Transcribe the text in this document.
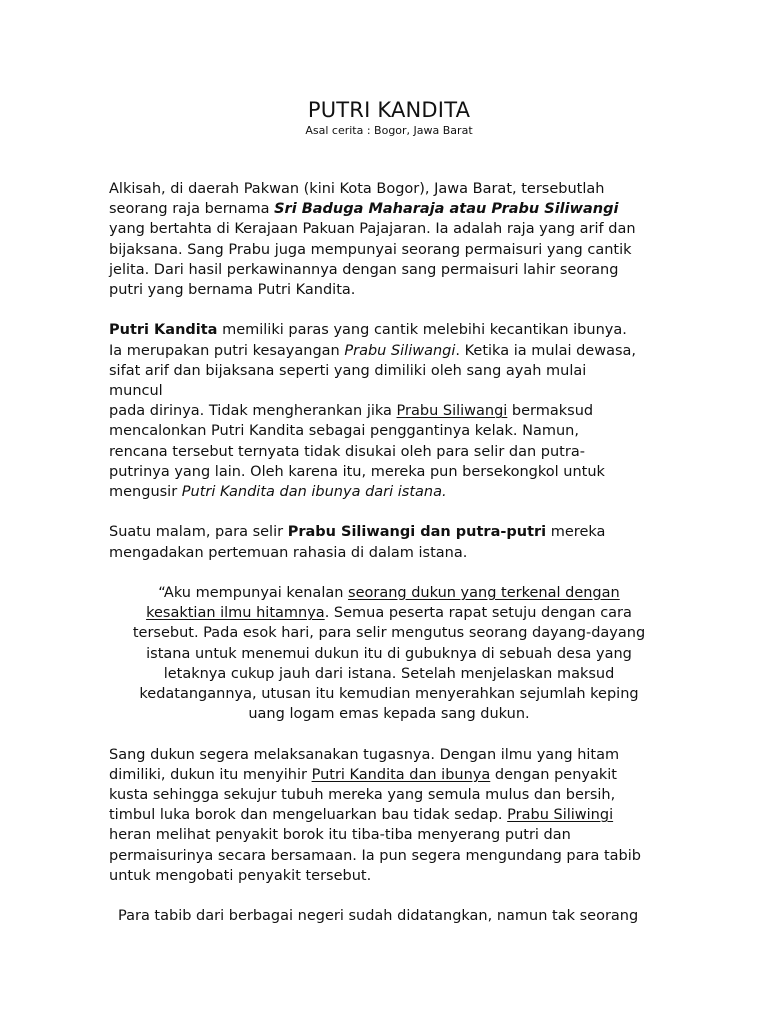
PUTRI KANDITA
Asal cerita : Bogor, Jawa Barat
Alkisah, di daerah Pakwan (kini Kota Bogor), Jawa Barat, tersebutlah
seorang raja bernama Sri Baduga Maharaja atau Prabu Siliwangi
yang bertahta di Kerajaan Pakuan Pajajaran. Ia adalah raja yang arif dan
bijaksana. Sang Prabu juga mempunyai seorang permaisuri yang cantik
jelita. Dari hasil perkawinannya dengan sang permaisuri lahir seorang
putri yang bernama Putri Kandita.
Putri Kandita memiliki paras yang cantik melebihi kecantikan ibunya.
Ia merupakan putri kesayangan Prabu Siliwangi. Ketika ia mulai dewasa,
sifat arif dan bijaksana seperti yang dimiliki oleh sang ayah mulai
muncul
pada dirinya. Tidak mengherankan jika Prabu Siliwangi bermaksud
mencalonkan Putri Kandita sebagai penggantinya kelak. Namun,
rencana tersebut ternyata tidak disukai oleh para selir dan putra-
putrinya yang lain. Oleh karena itu, mereka pun bersekongkol untuk
mengusir Putri Kandita dan ibunya dari istana.
Suatu malam, para selir Prabu Siliwangi dan putra-putri mereka
mengadakan pertemuan rahasia di dalam istana.
“Aku mempunyai kenalan seorang dukun yang terkenal dengan
kesaktian ilmu hitamnya. Semua peserta rapat setuju dengan cara
tersebut. Pada esok hari, para selir mengutus seorang dayang-dayang
istana untuk menemui dukun itu di gubuknya di sebuah desa yang
letaknya cukup jauh dari istana. Setelah menjelaskan maksud
kedatangannya, utusan itu kemudian menyerahkan sejumlah keping
uang logam emas kepada sang dukun.
Sang dukun segera melaksanakan tugasnya. Dengan ilmu yang hitam
dimiliki, dukun itu menyihir Putri Kandita dan ibunya dengan penyakit
kusta sehingga sekujur tubuh mereka yang semula mulus dan bersih,
timbul luka borok dan mengeluarkan bau tidak sedap. Prabu Siliwingi
heran melihat penyakit borok itu tiba-tiba menyerang putri dan
permaisurinya secara bersamaan. Ia pun segera mengundang para tabib
untuk mengobati penyakit tersebut.
Para tabib dari berbagai negeri sudah didatangkan, namun tak seorang
